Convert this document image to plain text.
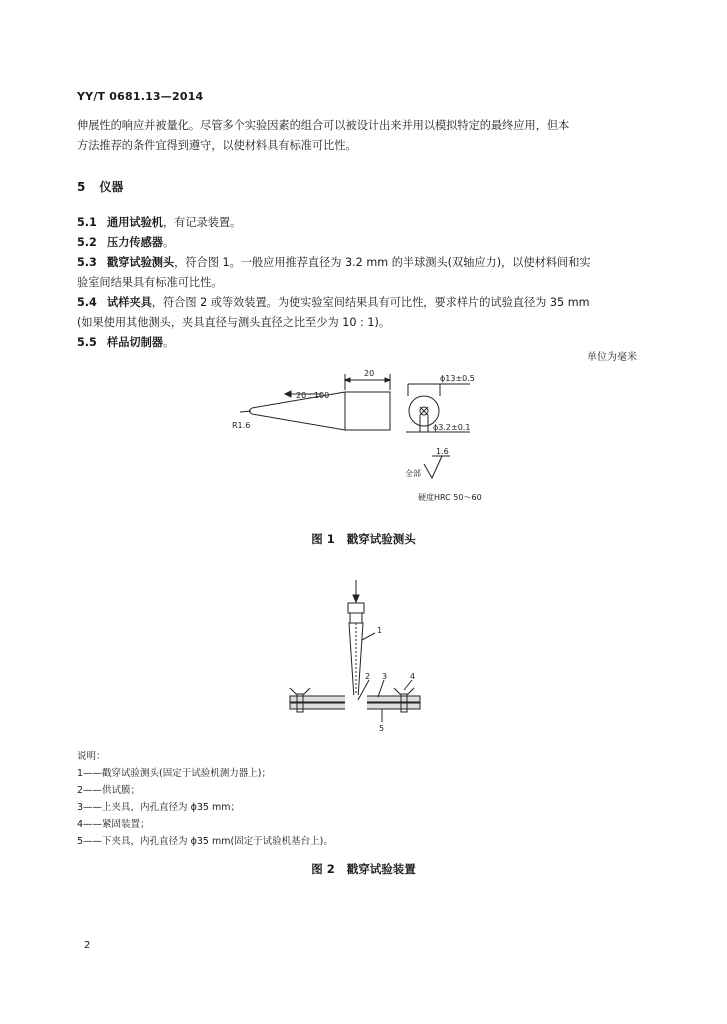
YY/T 0681.13—2014
伸展性的响应并被量化。尽管多个实验因素的组合可以被设计出来并用以模拟特定的最终应用，但本
方法推荐的条件宜得到遵守，以使材料具有标准可比性。
5 仪器
5.1 通用试验机，有记录装置。
5.2 压力传感器。
5.3 戳穿试验测头，符合图 1。一般应用推荐直径为 3.2 mm 的半球测头(双轴应力)，以使材料间和实
验室间结果具有标准可比性。
5.4 试样夹具，符合图 2 或等效装置。为使实验室间结果具有可比性，要求样片的试验直径为 35 mm
(如果使用其他测头，夹具直径与测头直径之比至少为 10 : 1)。
5.5 样品切制器。
单位为毫米
20
20 : 100
R1.6
ϕ13±0.5
ϕ3.2±0.1
1.6
全部
硬度HRC 50～60
图 1 戳穿试验测头
1
2 3	4
5
说明：
1——戳穿试验测头(固定于试验机测力器上)；
2——供试膜；
3——上夹具，内孔直径为 ϕ35 mm；
4——紧固装置；
5——下夹具，内孔直径为 ϕ35 mm(固定于试验机基台上)。
图 2 戳穿试验装置
2
